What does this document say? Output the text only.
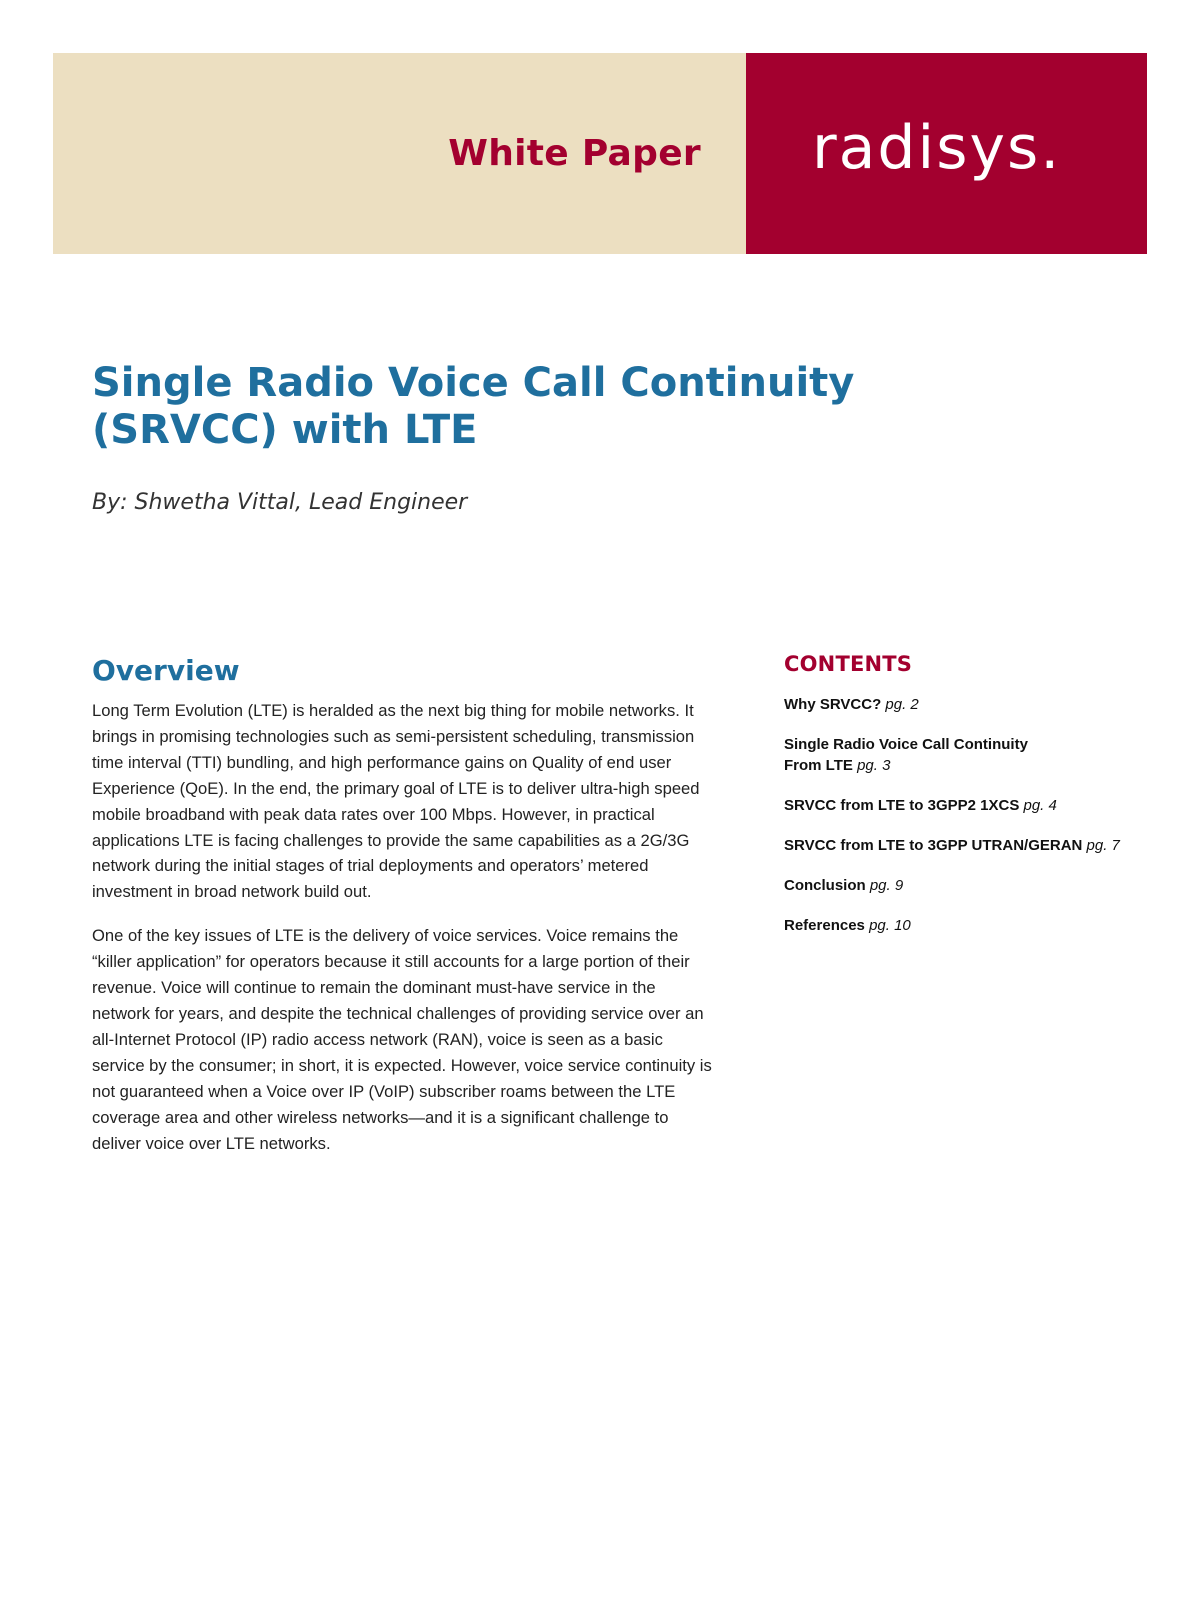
White Paper radisys.
Single Radio Voice Call Continuity
(SRVCC) with LTE
By: Shwetha Vittal, Lead Engineer
Overview

Long Term Evolution (LTE) is heralded as the next big thing for mobile networks. It brings in promising technologies such as semi-persistent scheduling, transmission time interval (TTI) bundling, and high performance gains on Quality of end user Experience (QoE). In the end, the primary goal of LTE is to deliver ultra-high speed mobile broadband with peak data rates over 100 Mbps. However, in practical applications LTE is facing challenges to provide the same capabilities as a 2G/3G network during the initial stages of trial deployments and operators’ metered investment in broad network build out.

One of the key issues of LTE is the delivery of voice services. Voice remains the “killer application” for operators because it still accounts for a large portion of their revenue. Voice will continue to remain the dominant must-have service in the network for years, and despite the technical challenges of providing service over an all-Internet Protocol (IP) radio access network (RAN), voice is seen as a basic service by the consumer; in short, it is expected. However, voice service continuity is not guaranteed when a Voice over IP (VoIP) subscriber roams between the LTE coverage area and other wireless networks—and it is a significant challenge to deliver voice over LTE networks.

CONTENTS
Why SRVCC? pg. 2
Single Radio Voice Call Continuity
From LTE pg. 3
SRVCC from LTE to 3GPP2 1XCS pg. 4
SRVCC from LTE to 3GPP UTRAN/GERAN pg. 7
Conclusion pg. 9
References pg. 10
